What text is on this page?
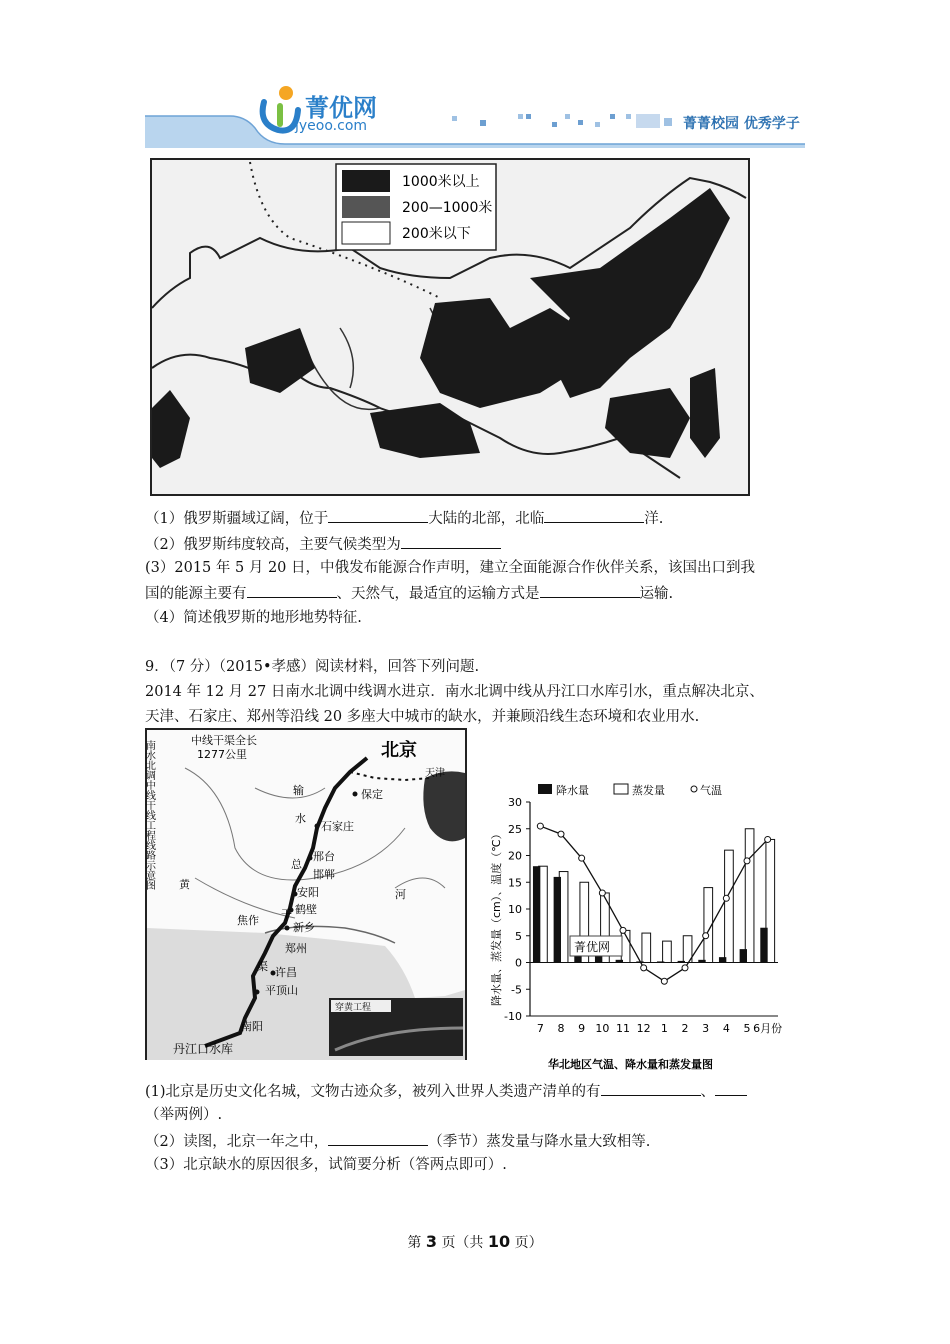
菁优网
jyeoo.com	菁菁校园 优秀学子
1000米以上
200—1000米
200米以下
（1）俄罗斯疆域辽阔，位于	大陆的北部，北临	洋.
（2）俄罗斯纬度较高，主要气候类型为
(3）2015 年 5 月 20 日，中俄发布能源合作声明，建立全面能源合作伙伴关系，该国出口到我
国的能源主要有	、天然气，最适宜的运输方式是	运输.
（4）简述俄罗斯的地形地势特征.
9．（7 分）（2015•孝感）阅读材料，回答下列问题.
2014 年 12 月 27 日南水北调中线调水进京．南水北调中线从丹江口水库引水，重点解决北京、
天津、石家庄、郑州等沿线 20 多座大中城市的缺水，并兼顾沿线生态环境和农业用水.
南水北调中线干线工程线路示意图	中线干渠全长
1277公里	北京
天津
保定
石家庄
邢台
邯郸
安阳
鹤壁
新乡
焦作
郑州
许昌
平顶山
南阳
丹江口水库
输
水
总
干
渠
黄
河
穿黄工程
降水量	蒸发量	气温
降水量、蒸发量（cm）、温度（℃）
华北地区气温、降水量和蒸发量图
-10
-5
0
5
10
15
20
25
30
7 8 9 10 11 12 1 2 3 4 5 6月份
菁优网
(1)北京是历史文化名城，文物古迹众多，被列入世界人类遗产清单的有	、
（举两例）.
（2）读图，北京一年之中，	（季节）蒸发量与降水量大致相等.
（3）北京缺水的原因很多，试简要分析（答两点即可）.
第 3 页（共 10 页）
